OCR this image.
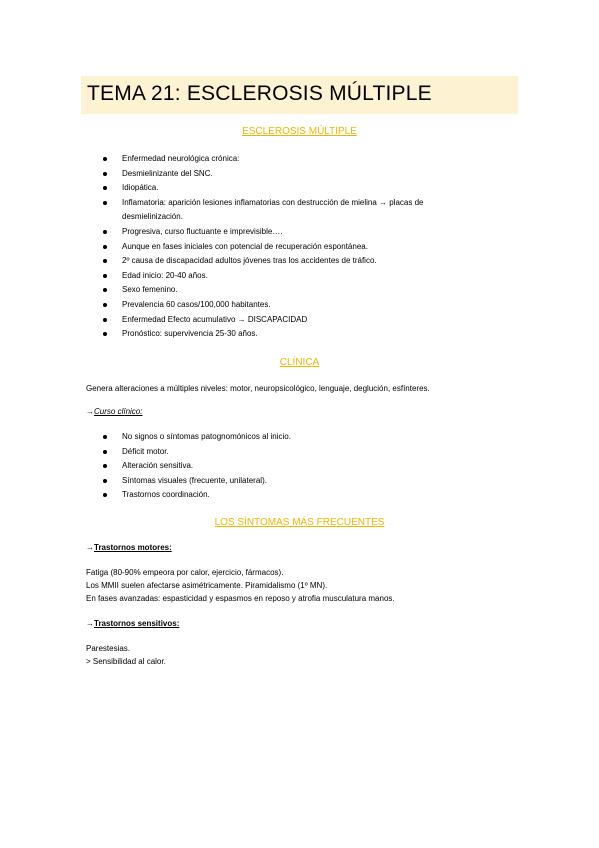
TEMA 21: ESCLEROSIS MÚLTIPLE
ESCLEROSIS MÚLTIPLE
Enfermedad neurológica crónica:
Desmielinizante del SNC.
Idiopática.
Inflamatoria: aparición lesiones inflamatorias con destrucción de mielina → placas de
desmielinización.
Progresiva, curso fluctuante e imprevisible….
Aunque en fases iniciales con potencial de recuperación espontánea.
2º causa de discapacidad adultos jóvenes tras los accidentes de tráfico.
Edad inicio: 20-40 años.
Sexo femenino.
Prevalencia 60 casos/100,000 habitantes.
Enfermedad Efecto acumulativo → DISCAPACIDAD
Pronóstico: supervivencia 25-30 años.
CLÍNICA
Genera alteraciones a múltiples niveles: motor, neuropsicológico, lenguaje, deglución, esfínteres.
→Curso clínico:
No signos o síntomas patognomónicos al inicio.
Déficit motor.
Alteración sensitiva.
Síntomas visuales (frecuente, unilateral).
Trastornos coordinación.
LOS SÍNTOMAS MÁS FRECUENTES
→Trastornos motores:
Fatiga (80-90% empeora por calor, ejercicio, fármacos).
Los MMII suelen afectarse asimétricamente. Piramidalismo (1º MN).
En fases avanzadas: espasticidad y espasmos en reposo y atrofia musculatura manos.
→Trastornos sensitivos:
Parestesias.
> Sensibilidad al calor.
